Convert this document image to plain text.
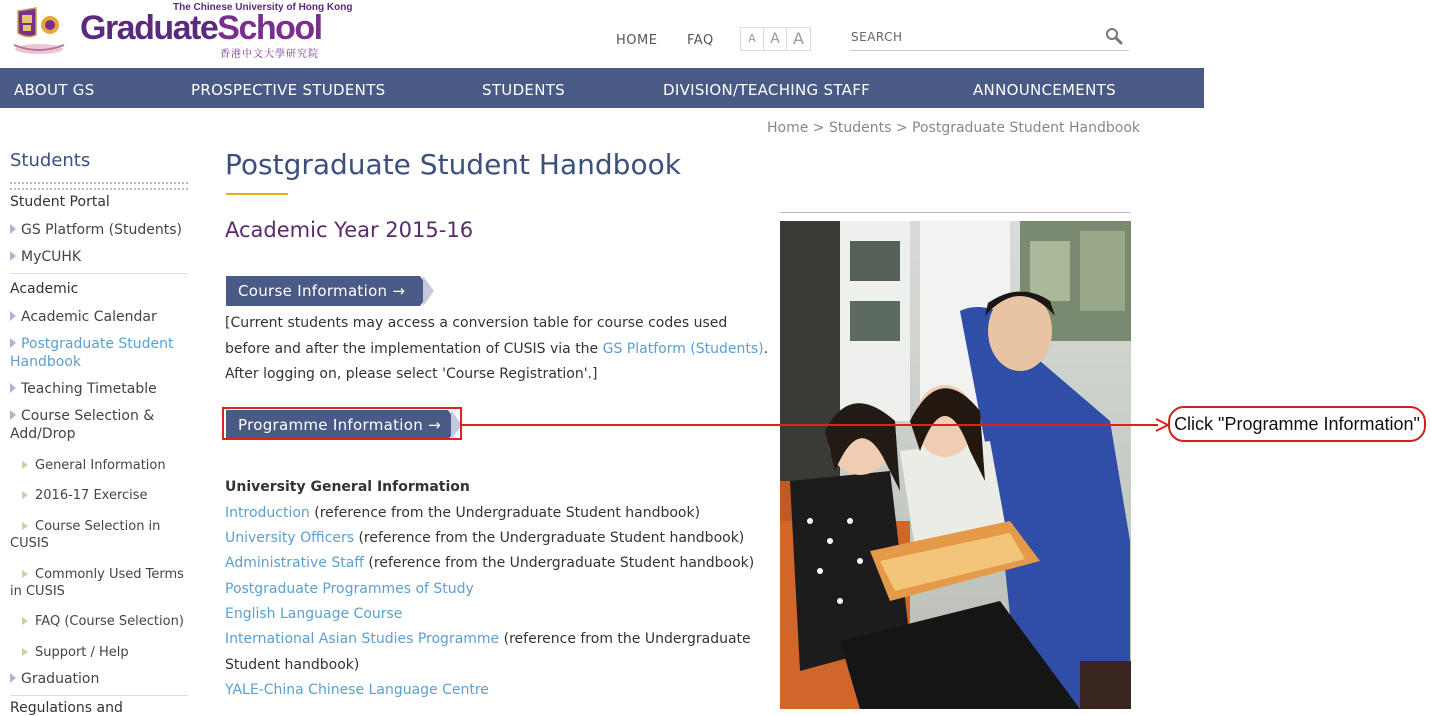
The Chinese University of Hong Kong
GraduateSchool
香港中文大學研究院
HOME FAQ	A	A A
SEARCH
ABOUT GS	PROSPECTIVE STUDENTS	STUDENTS	DIVISION/TEACHING STAFF	ANNOUNCEMENTS
Home > Students > Postgraduate Student Handbook
Students
Student Portal
GS Platform (Students)
MyCUHK
Academic
Academic Calendar
Postgraduate Student Handbook
Teaching Timetable
Course Selection & Add/Drop
General Information
2016-17 Exercise
Course Selection in CUSIS
Commonly Used Terms in CUSIS
FAQ (Course Selection)
Support / Help
Graduation
Regulations and
Postgraduate Student Handbook
Academic Year 2015-16
Course Information →
[Current students may access a conversion table for course codes used before and after the implementation of CUSIS via the GS Platform (Students). After logging on, please select 'Course Registration'.]
Programme Information →
University General Information
Introduction (reference from the Undergraduate Student handbook)
University Officers (reference from the Undergraduate Student handbook)
Administrative Staff (reference from the Undergraduate Student handbook)
Postgraduate Programmes of Study
English Language Course
International Asian Studies Programme (reference from the Undergraduate
Student handbook)
YALE-China Chinese Language Centre
Click "Programme Information"
